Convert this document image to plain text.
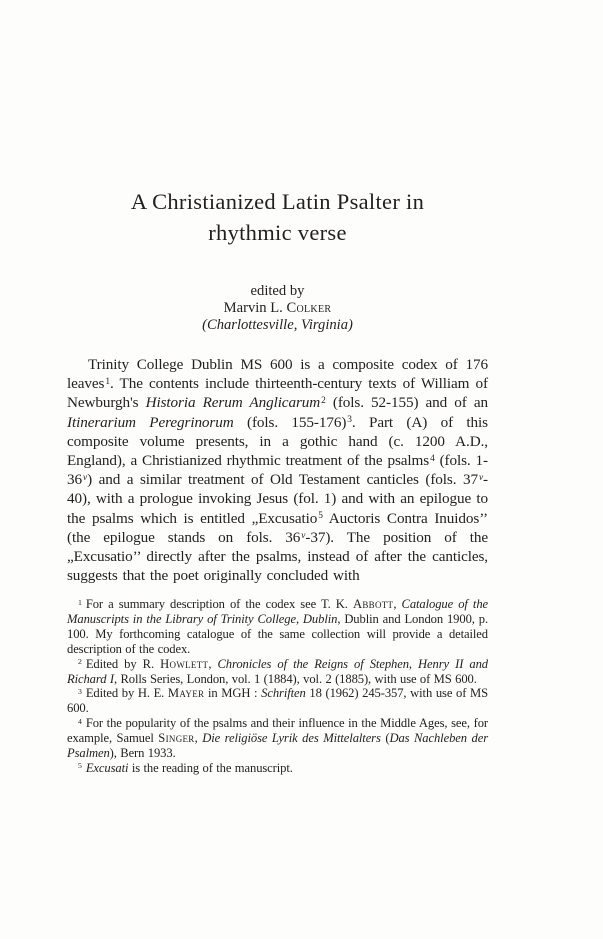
A Christianized Latin Psalter in
rhythmic verse
edited by
Marvin L. Colker
(Charlottesville, Virginia)

Trinity College Dublin MS 600 is a composite codex of 176 leaves$^1$. The contents include thirteenth-century texts of William of Newburgh's Historia Rerum Anglicarum$^2$ (fols. 52-155) and of an Itinerarium Peregrinorum (fols. 155-176)$^3$. Part (A) of this composite volume presents, in a gothic hand (c. 1200 A.D., England), a Christianized rhythmic treatment of the psalms$^4$ (fols. 1-36$^v$) and a similar treatment of Old Testament canticles (fols. 37$^v$-40), with a prologue invoking Jesus (fol. 1) and with an epilogue to the psalms which is entitled „Excusatio$^5$ Auctoris Contra Inuidos’’ (the epilogue stands on fols. 36$^v$-37). The position of the „Excusatio’’ directly after the psalms, instead of after the canticles, suggests that the poet originally concluded with

$^1$ For a summary description of the codex see T. K. Abbott, Catalogue of the Manuscripts in the Library of Trinity College, Dublin, Dublin and London 1900, p. 100. My forthcoming catalogue of the same collection will provide a detailed description of the codex.

$^2$ Edited by R. Howlett, Chronicles of the Reigns of Stephen, Henry II and Richard I, Rolls Series, London, vol. 1 (1884), vol. 2 (1885), with use of MS 600.

$^3$ Edited by H. E. Mayer in MGH : Schriften 18 (1962) 245-357, with use of MS 600.

$^4$ For the popularity of the psalms and their influence in the Middle Ages, see, for example, Samuel Singer, Die religiöse Lyrik des Mittelalters (Das Nachleben der Psalmen), Bern 1933.

$^5$ Excusati is the reading of the manuscript.
